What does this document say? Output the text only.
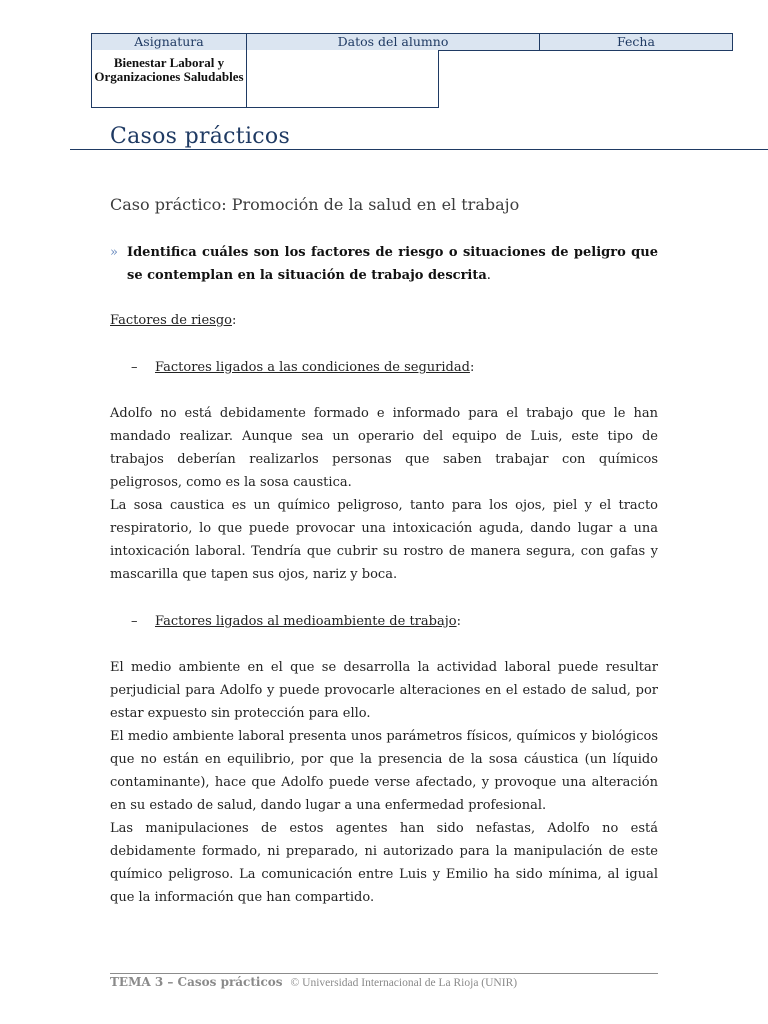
Asignatura	Datos del alumno	Fecha
Bienestar Laboral y Organizaciones Saludables
Casos prácticos
Caso práctico: Promoción de la salud en el trabajo

» Identifica cuáles son los factores de riesgo o situaciones de peligro que se contemplan en la situación de trabajo descrita.

Factores de riesgo:

– Factores ligados a las condiciones de seguridad:

Adolfo no está debidamente formado e informado para el trabajo que le han mandado realizar. Aunque sea un operario del equipo de Luis, este tipo de trabajos deberían realizarlos personas que saben trabajar con químicos peligrosos, como es la sosa caustica.

La sosa caustica es un químico peligroso, tanto para los ojos, piel y el tracto respiratorio, lo que puede provocar una intoxicación aguda, dando lugar a una intoxicación laboral. Tendría que cubrir su rostro de manera segura, con gafas y mascarilla que tapen sus ojos, nariz y boca.

– Factores ligados al medioambiente de trabajo:

El medio ambiente en el que se desarrolla la actividad laboral puede resultar perjudicial para Adolfo y puede provocarle alteraciones en el estado de salud, por estar expuesto sin protección para ello.

El medio ambiente laboral presenta unos parámetros físicos, químicos y biológicos que no están en equilibrio, por que la presencia de la sosa cáustica (un líquido contaminante), hace que Adolfo puede verse afectado, y provoque una alteración en su estado de salud, dando lugar a una enfermedad profesional.

Las manipulaciones de estos agentes han sido nefastas, Adolfo no está debidamente formado, ni preparado, ni autorizado para la manipulación de este químico peligroso. La comunicación entre Luis y Emilio ha sido mínima, al igual que la información que han compartido.

TEMA 3 – Casos prácticos © Universidad Internacional de La Rioja (UNIR)
